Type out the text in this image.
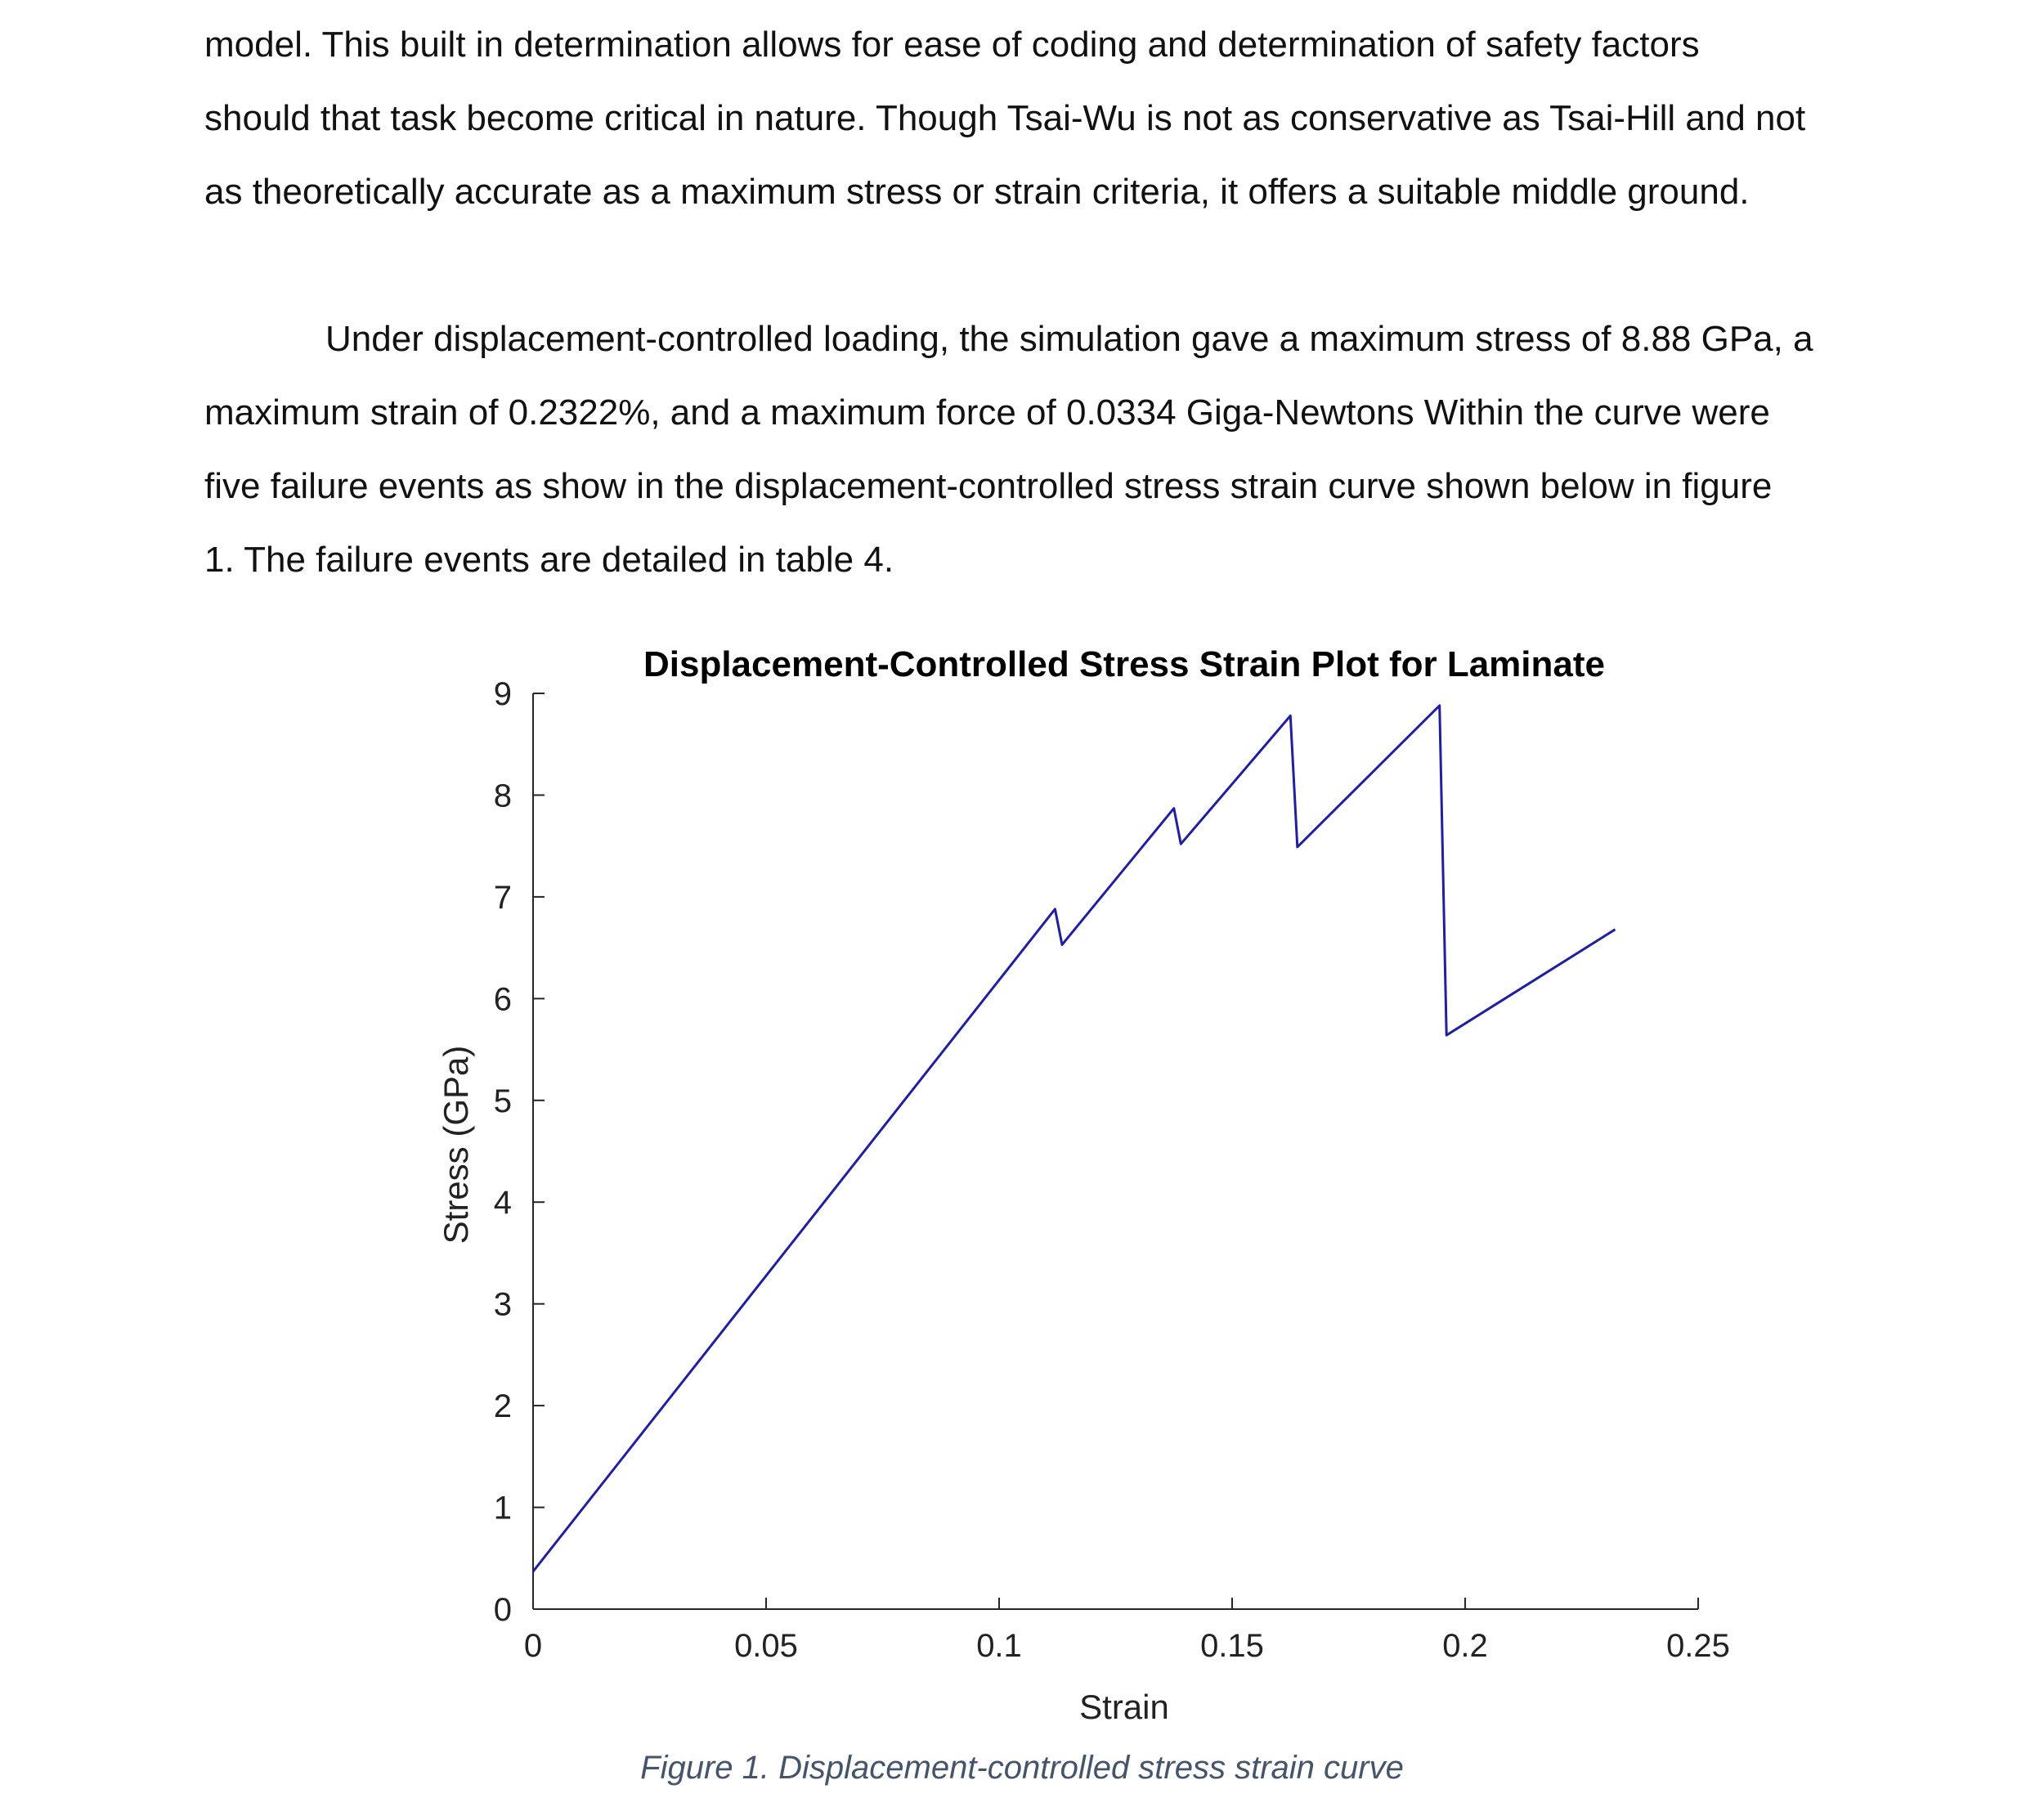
model. This built in determination allows for ease of coding and determination of safety factors
should that task become critical in nature. Though Tsai-Wu is not as conservative as Tsai-Hill and not
as theoretically accurate as a maximum stress or strain criteria, it offers a suitable middle ground.

Under displacement-controlled loading, the simulation gave a maximum stress of 8.88 GPa, a
maximum strain of 0.2322%, and a maximum force of 0.0334 Giga-Newtons Within the curve were
five failure events as show in the displacement-controlled stress strain curve shown below in figure
1. The failure events are detailed in table 4.

Displacement-Controlled Stress Strain Plot for Laminate
0	0.05	0.1	0.15	0.2	0.25
0
1
2
3
4
5
6
7
8
9
Strain
Stress (GPa)
Figure 1. Displacement-controlled stress strain curve
